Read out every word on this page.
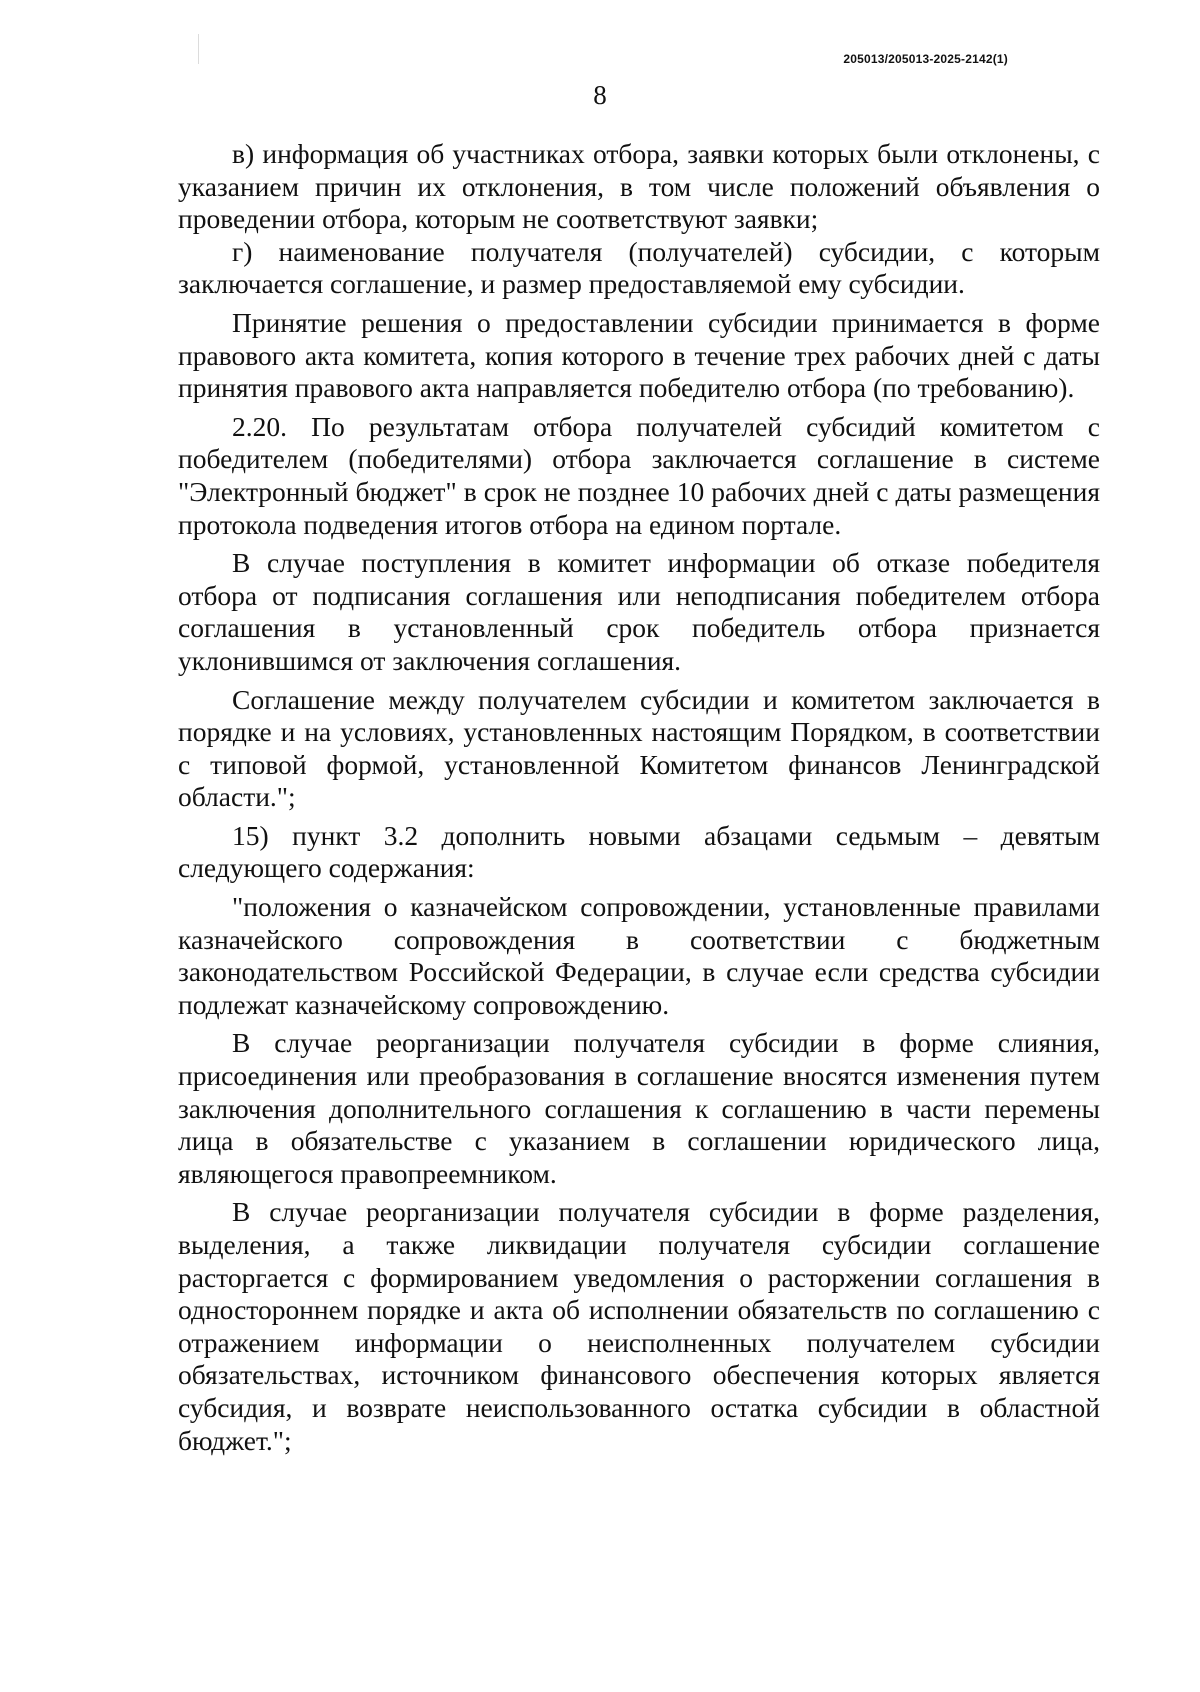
205013/205013-2025-2142(1)
8

в) информация об участниках отбора, заявки которых были отклонены, с указанием причин их отклонения, в том числе положений объявления о проведении отбора, которым не соответствуют заявки;

г) наименование получателя (получателей) субсидии, с которым заключается соглашение, и размер предоставляемой ему субсидии.

Принятие решения о предоставлении субсидии принимается в форме правового акта комитета, копия которого в течение трех рабочих дней с даты принятия правового акта направляется победителю отбора (по требованию).

2.20. По результатам отбора получателей субсидий комитетом с победителем (победителями) отбора заключается соглашение в системе "Электронный бюджет" в срок не позднее 10 рабочих дней с даты размещения протокола подведения итогов отбора на едином портале.

В случае поступления в комитет информации об отказе победителя отбора от подписания соглашения или неподписания победителем отбора соглашения в установленный срок победитель отбора признается уклонившимся от заключения соглашения.

Соглашение между получателем субсидии и комитетом заключается в порядке и на условиях, установленных настоящим Порядком, в соответствии с типовой формой, установленной Комитетом финансов Ленинградской области.";

15) пункт 3.2 дополнить новыми абзацами седьмым – девятым следующего содержания:

"положения о казначейском сопровождении, установленные правилами казначейского сопровождения в соответствии с бюджетным законодательством Российской Федерации, в случае если средства субсидии подлежат казначейскому сопровождению.

В случае реорганизации получателя субсидии в форме слияния, присоединения или преобразования в соглашение вносятся изменения путем заключения дополнительного соглашения к соглашению в части перемены лица в обязательстве с указанием в соглашении юридического лица, являющегося правопреемником.

В случае реорганизации получателя субсидии в форме разделения, выделения, а также ликвидации получателя субсидии соглашение расторгается с формированием уведомления о расторжении соглашения в одностороннем порядке и акта об исполнении обязательств по соглашению с отражением информации о неисполненных получателем субсидии обязательствах, источником финансового обеспечения которых является субсидия, и возврате неиспользованного остатка субсидии в областной бюджет.";
